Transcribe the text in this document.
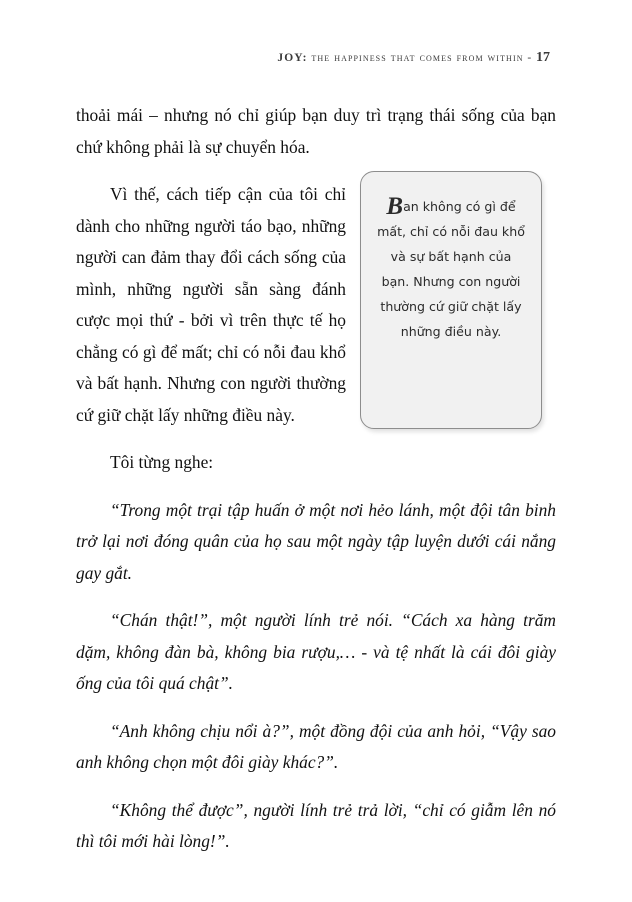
JOY: the happiness that comes from within - 17

thoải mái – nhưng nó chỉ giúp bạn duy trì trạng thái sống của bạn chứ không phải là sự chuyển hóa.

Ban không có gì để mất, chỉ có nỗi đau khổ và sự bất hạnh của bạn. Nhưng con người thường cứ giữ chặt lấy những điều này.

Vì thế, cách tiếp cận của tôi chỉ dành cho những người táo bạo, những người can đảm thay đổi cách sống của mình, những người sẵn sàng đánh cược mọi thứ - bởi vì trên thực tế họ chẳng có gì để mất; chỉ có nỗi đau khổ và bất hạnh. Nhưng con người thường cứ giữ chặt lấy những điều này.

Tôi từng nghe:

“Trong một trại tập huấn ở một nơi hẻo lánh, một đội tân binh trở lại nơi đóng quân của họ sau một ngày tập luyện dưới cái nắng gay gắt.

“Chán thật!”, một người lính trẻ nói. “Cách xa hàng trăm dặm, không đàn bà, không bia rượu,… - và tệ nhất là cái đôi giày ống của tôi quá chật”.

“Anh không chịu nổi à?”, một đồng đội của anh hỏi, “Vậy sao anh không chọn một đôi giày khác?”.

“Không thể được”, người lính trẻ trả lời, “chỉ có giẫm lên nó thì tôi mới hài lòng!”.
